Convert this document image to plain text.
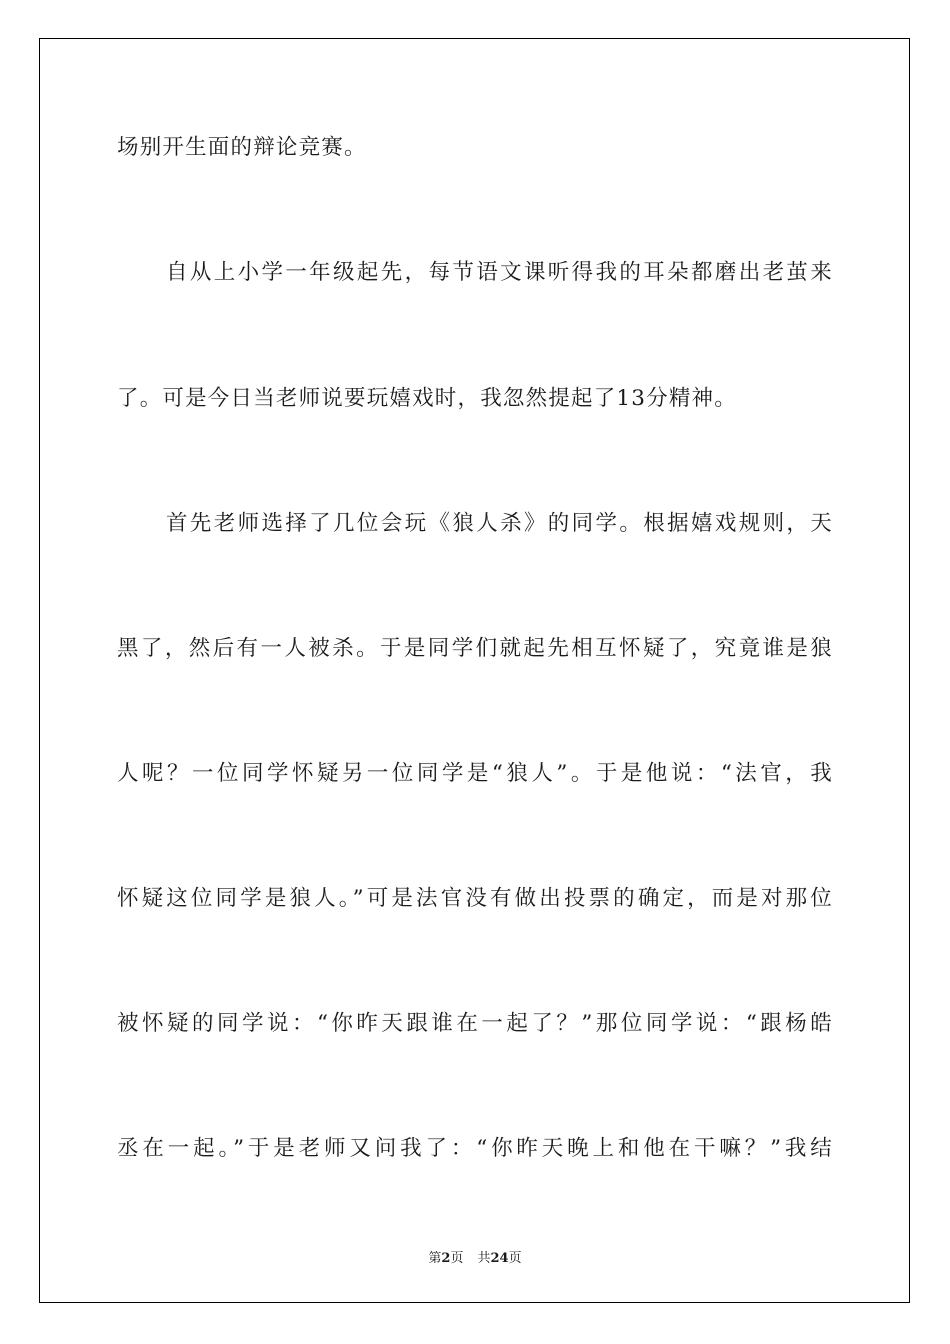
场别开生面的辩论竞赛。
自从上小学一年级起先，每节语文课听得我的耳朵都磨出老茧来
了。可是今日当老师说要玩嬉戏时，我忽然提起了13分精神。
首先老师选择了几位会玩《狼人杀》的同学。根据嬉戏规则，天
黑了，然后有一人被杀。于是同学们就起先相互怀疑了，究竟谁是狼
人呢？一位同学怀疑另一位同学是“狼人”。于是他说：“法官，我
怀疑这位同学是狼人。”可是法官没有做出投票的确定，而是对那位
被怀疑的同学说：“你昨天跟谁在一起了？”那位同学说：“跟杨皓
丞在一起。”于是老师又问我了：“你昨天晚上和他在干嘛？”我结
第2页 共24页
